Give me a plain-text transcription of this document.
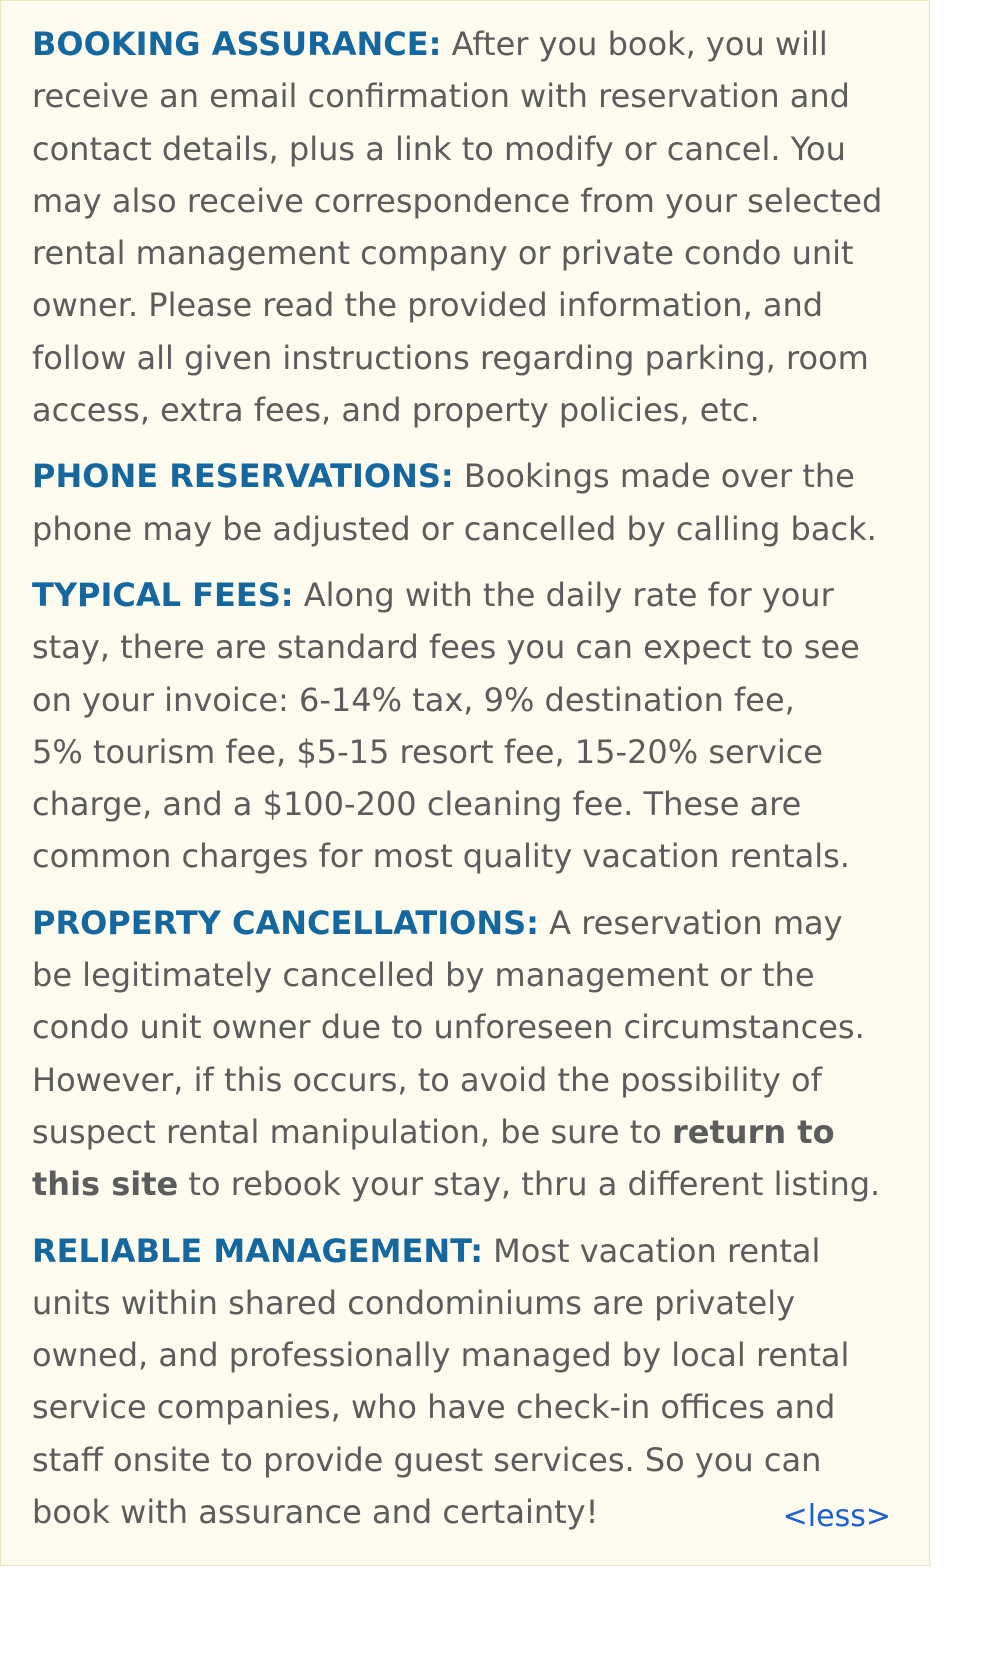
BOOKING ASSURANCE: After you book, you will
receive an email confirmation with reservation and
contact details, plus a link to modify or cancel. You
may also receive correspondence from your selected
rental management company or private condo unit
owner. Please read the provided information, and
follow all given instructions regarding parking, room
access, extra fees, and property policies, etc.

PHONE RESERVATIONS: Bookings made over the
phone may be adjusted or cancelled by calling back.

TYPICAL FEES: Along with the daily rate for your
stay, there are standard fees you can expect to see
on your invoice: 6-14% tax, 9% destination fee,
5% tourism fee, $5-15 resort fee, 15-20% service
charge, and a $100-200 cleaning fee. These are
common charges for most quality vacation rentals.

PROPERTY CANCELLATIONS: A reservation may
be legitimately cancelled by management or the
condo unit owner due to unforeseen circumstances.
However, if this occurs, to avoid the possibility of
suspect rental manipulation, be sure to return to
this site to rebook your stay, thru a different listing.

RELIABLE MANAGEMENT: Most vacation rental
units within shared condominiums are privately
owned, and professionally managed by local rental
service companies, who have check-in offices and
staff onsite to provide guest services. So you can
book with assurance and certainty!	<less>
